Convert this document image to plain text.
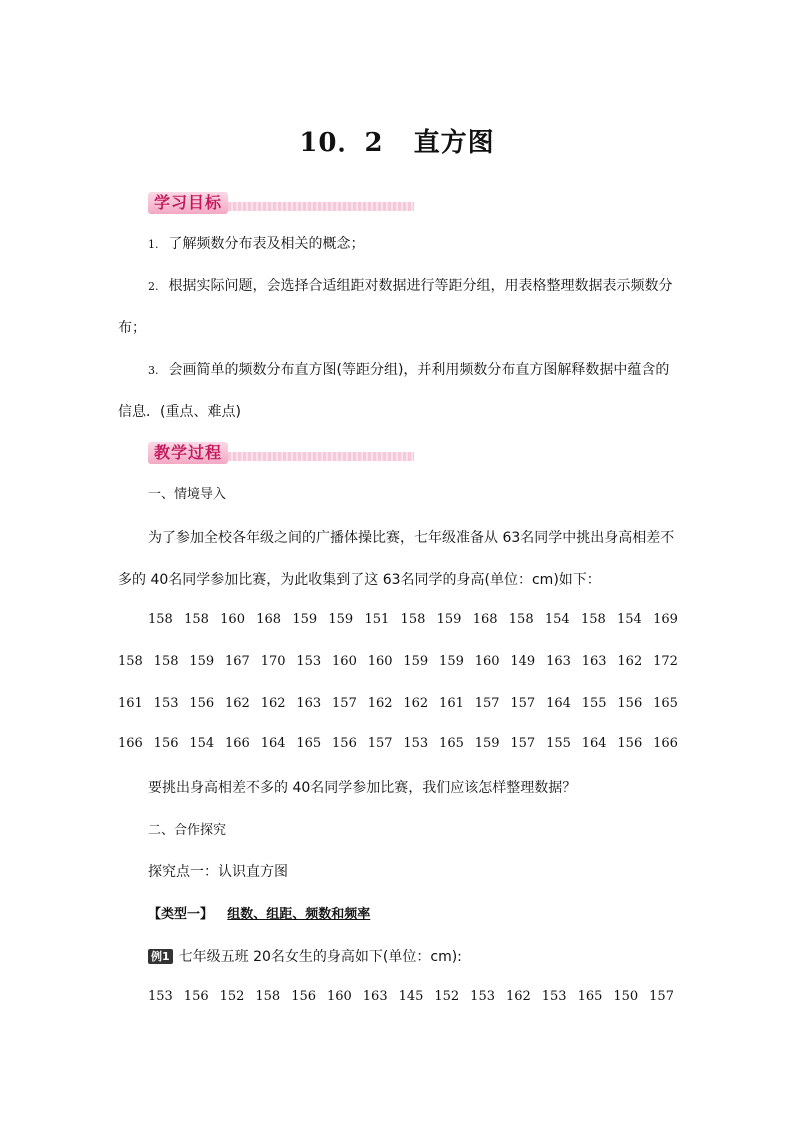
10．2 直方图
学习目标
1. 了解频数分布表及相关的概念；
2. 根据实际问题，会选择合适组距对数据进行等距分组，用表格整理数据表示频数分
布；
3. 会画简单的频数分布直方图(等距分组)，并利用频数分布直方图解释数据中蕴含的
信息．(重点、难点)
教学过程
一、情境导入
为了参加全校各年级之间的广播体操比赛，七年级准备从 63名同学中挑出身高相差不
多的 40名同学参加比赛，为此收集到了这 63名同学的身高(单位：cm)如下：
158 158 160 168 159 159 151 158 159 168 158 154 158 154 169
158 158 159 167 170 153 160 160 159 159 160 149 163 163 162 172
161 153 156 162 162 163 157 162 162 161 157 157 164 155 156 165
166 156 154 166 164 165 156 157 153 165 159 157 155 164 156 166
要挑出身高相差不多的 40名同学参加比赛，我们应该怎样整理数据？
二、合作探究
探究点一：认识直方图
【类型一】 组数、组距、频数和频率
例1 七年级五班 20名女生的身高如下(单位：cm):
153 156 152 158 156 160 163 145 152 153 162 153 165 150 157
